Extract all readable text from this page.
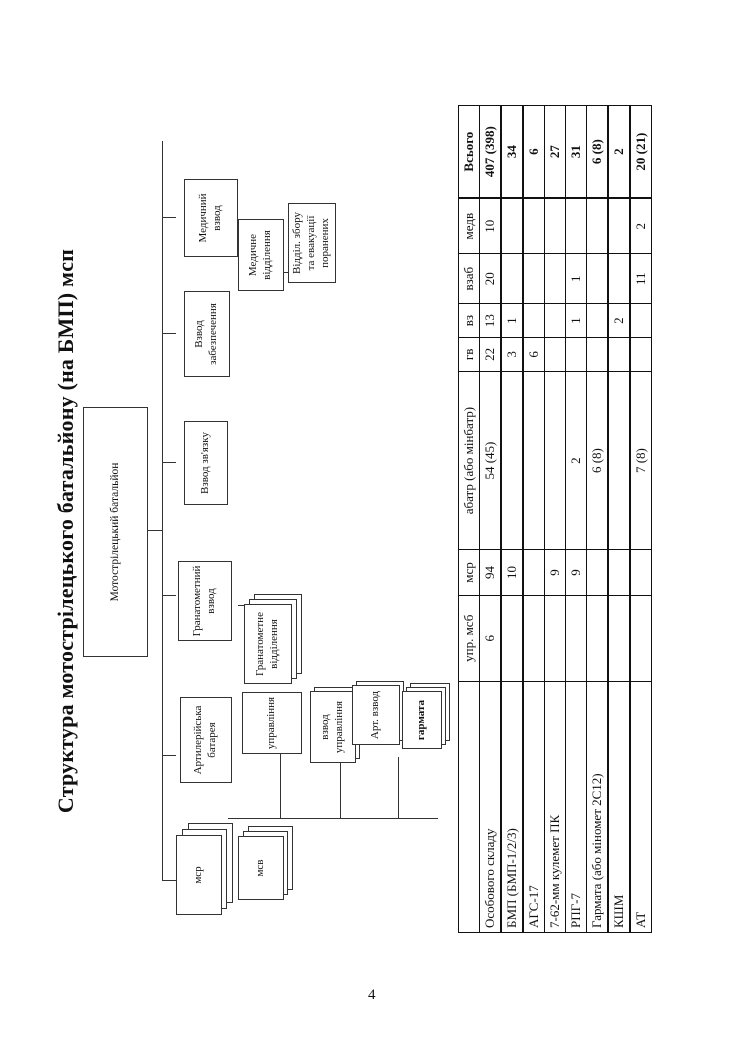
Структура мотострілецького батальйону (на БМП) мсп	Мотострілецький батальйон
мср	мсв
Артилерійська батарея	управління	взвод управління	Арт. взвод	гармата
Гранатометний взвод
Гранатометне відділення
Взвод зв'язку
Взвод забезпечення
Медичний взвод
Медичне відділення	Відділ. збору та евакуації поранених
	упр. мсб	мср	абатр (або мінбатр)	гв	вз	взаб	медв	Всього
Особового складу	6	94	54 (45)	22	13	20	10	407 (398)
БМП (БМП-1/2/3)		10		3	1			34
АГС-17				6				6
7-62-мм кулемет ПК		9						27
РПГ-7		9	2		1	1		31
Гармата (або міномет 2С12)			6 (8)					6 (8)
КШМ					2			2
АТ			7 (8)			11	2	20 (21)
4
